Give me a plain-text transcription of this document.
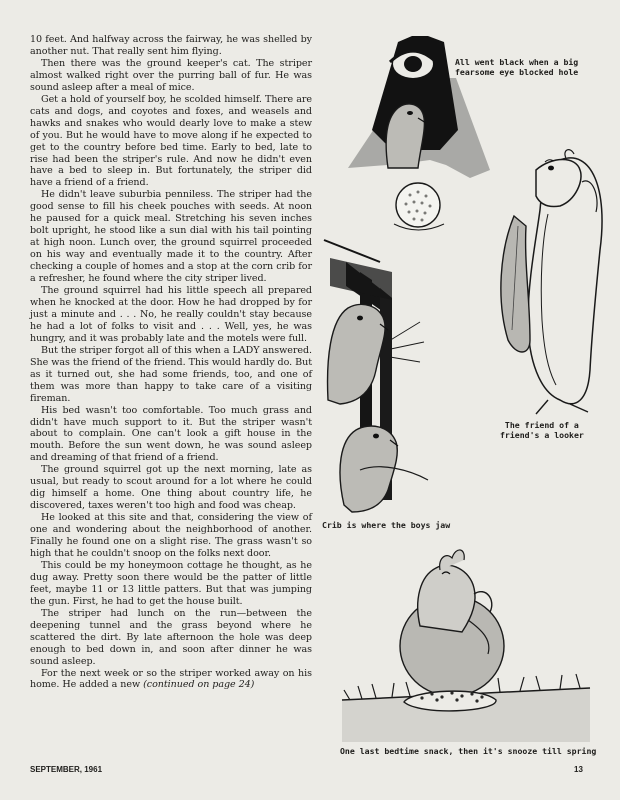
10 feet. And halfway across the fairway, he was shelled by another nut. That really sent him flying.

Then there was the ground keeper's cat. The striper almost walked right over the purring ball of fur. He was sound asleep after a meal of mice.

Get a hold of yourself boy, he scolded himself. There are cats and dogs, and coyotes and foxes, and weasels and hawks and snakes who would dearly love to make a stew of you. But he would have to move along if he expected to get to the country before bed time. Early to bed, late to rise had been the striper's rule. And now he didn't even have a bed to sleep in. But fortunately, the striper did have a friend of a friend.

He didn't leave suburbia penniless. The striper had the good sense to fill his cheek pouches with seeds. At noon he paused for a quick meal. Stretching his seven inches bolt upright, he stood like a sun dial with his tail pointing at high noon. Lunch over, the ground squirrel proceeded on his way and eventually made it to the country. After checking a couple of homes and a stop at the corn crib for a refresher, he found where the city striper lived.

The ground squirrel had his little speech all prepared when he knocked at the door. How he had dropped by for just a minute and . . . No, he really couldn't stay because he had a lot of folks to visit and . . . Well, yes, he was hungry, and it was probably late and the motels were full.

But the striper forgot all of this when a LADY answered. She was the friend of the friend. This would hardly do. But as it turned out, she had some friends, too, and one of them was more than happy to take care of a visiting fireman.

His bed wasn't too comfortable. Too much grass and didn't have much support to it. But the striper wasn't about to complain. One can't look a gift house in the mouth. Before the sun went down, he was sound asleep and dreaming of that friend of a friend.

The ground squirrel got up the next morning, late as usual, but ready to scout around for a lot where he could dig himself a home. One thing about country life, he discovered, taxes weren't too high and food was cheap.

He looked at this site and that, considering the view of one and wondering about the neighborhood of another. Finally he found one on a slight rise. The grass wasn't so high that he couldn't snoop on the folks next door.

This could be my honeymoon cottage he thought, as he dug away. Pretty soon there would be the patter of little feet, maybe 11 or 13 little patters. But that was jumping the gun. First, he had to get the house built.

The striper had lunch on the run—between the deepening tunnel and the grass beyond where he scattered the dirt. By late afternoon the hole was deep enough to bed down in, and soon after dinner he was sound asleep.

For the next week or so the striper worked away on his home. He added a new (continued on page 24)

All went black when a big
fearsome eye blocked hole
The friend of a
friend's a looker
Crib is where the boys jaw
One last bedtime snack, then it's snooze till spring
SEPTEMBER, 1961	13
